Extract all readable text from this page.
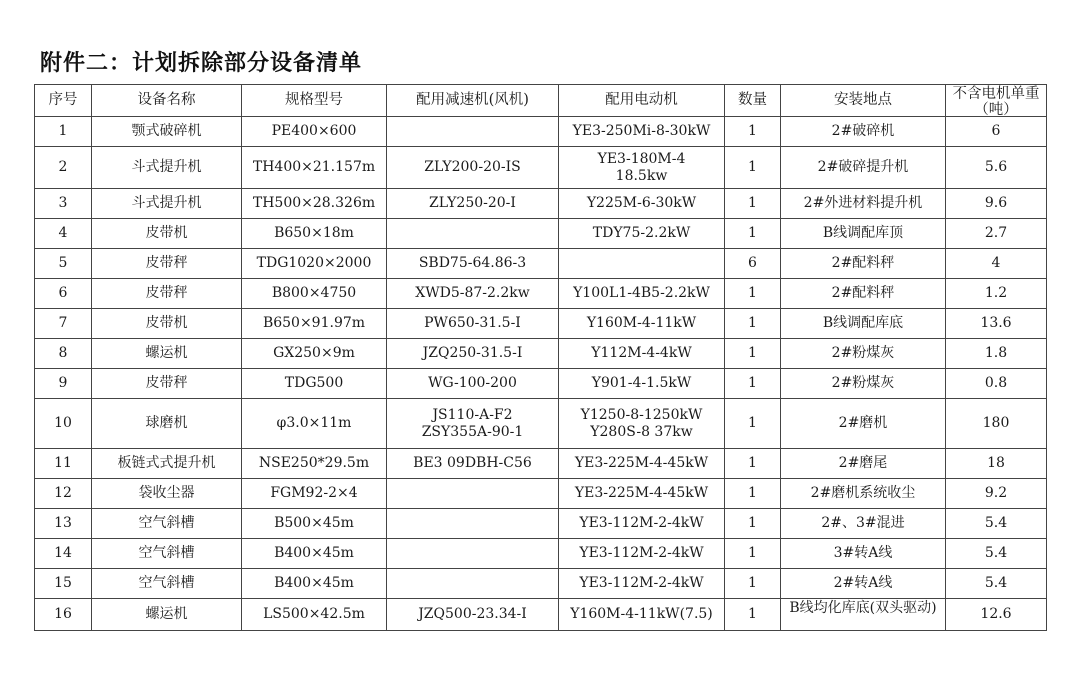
附件二：计划拆除部分设备清单
序号	设备名称	规格型号	配用减速机(风机)	配用电动机	数量	安装地点	不含电机单重（吨）

1	颚式破碎机	PE400×600		YE3-250Mi-8-30kW	1	2#破碎机	6
2	斗式提升机	TH400×21.157m	ZLY200-20-IS	YE3-180M-4
18.5kw	1	2#破碎提升机	5.6
3	斗式提升机	TH500×28.326m	ZLY250-20-Ⅰ	Y225M-6-30kW	1	2#外进材料提升机	9.6
4	皮带机	B650×18m		TDY75-2.2kW	1	B线调配库顶	2.7
5	皮带秤	TDG1020×2000	SBD75-64.86-3		6	2#配料秤	4
6	皮带秤	B800×4750	XWD5-87-2.2kw	Y100L1-4B5-2.2kW	1	2#配料秤	1.2
7	皮带机	B650×91.97m	PW650-31.5-Ⅰ	Y160M-4-11kW	1	B线调配库底	13.6
8	螺运机	GX250×9m	JZQ250-31.5-Ⅰ	Y112M-4-4kW	1	2#粉煤灰	1.8
9	皮带秤	TDG500	WG-100-200	Y901-4-1.5kW	1	2#粉煤灰	0.8
10	球磨机	φ3.0×11m	JS110-A-F2
ZSY355A-90-1	Y1250-8-1250kW
Y280S-8 37kw	1	2#磨机	180
11	板链式式提升机	NSE250*29.5m	BE3 09DBH-C56	YE3-225M-4-45kW	1	2#磨尾	18
12	袋收尘器	FGM92-2×4		YE3-225M-4-45kW	1	2#磨机系统收尘	9.2
13	空气斜槽	B500×45m		YE3-112M-2-4kW	1	2#、3#混进	5.4
14	空气斜槽	B400×45m		YE3-112M-2-4kW	1	3#转A线	5.4
15	空气斜槽	B400×45m		YE3-112M-2-4kW	1	2#转A线	5.4
16	螺运机	LS500×42.5m	JZQ500-23.34-Ⅰ	Y160M-4-11kW(7.5)	1	B线均化库底(双头驱动)	12.6
